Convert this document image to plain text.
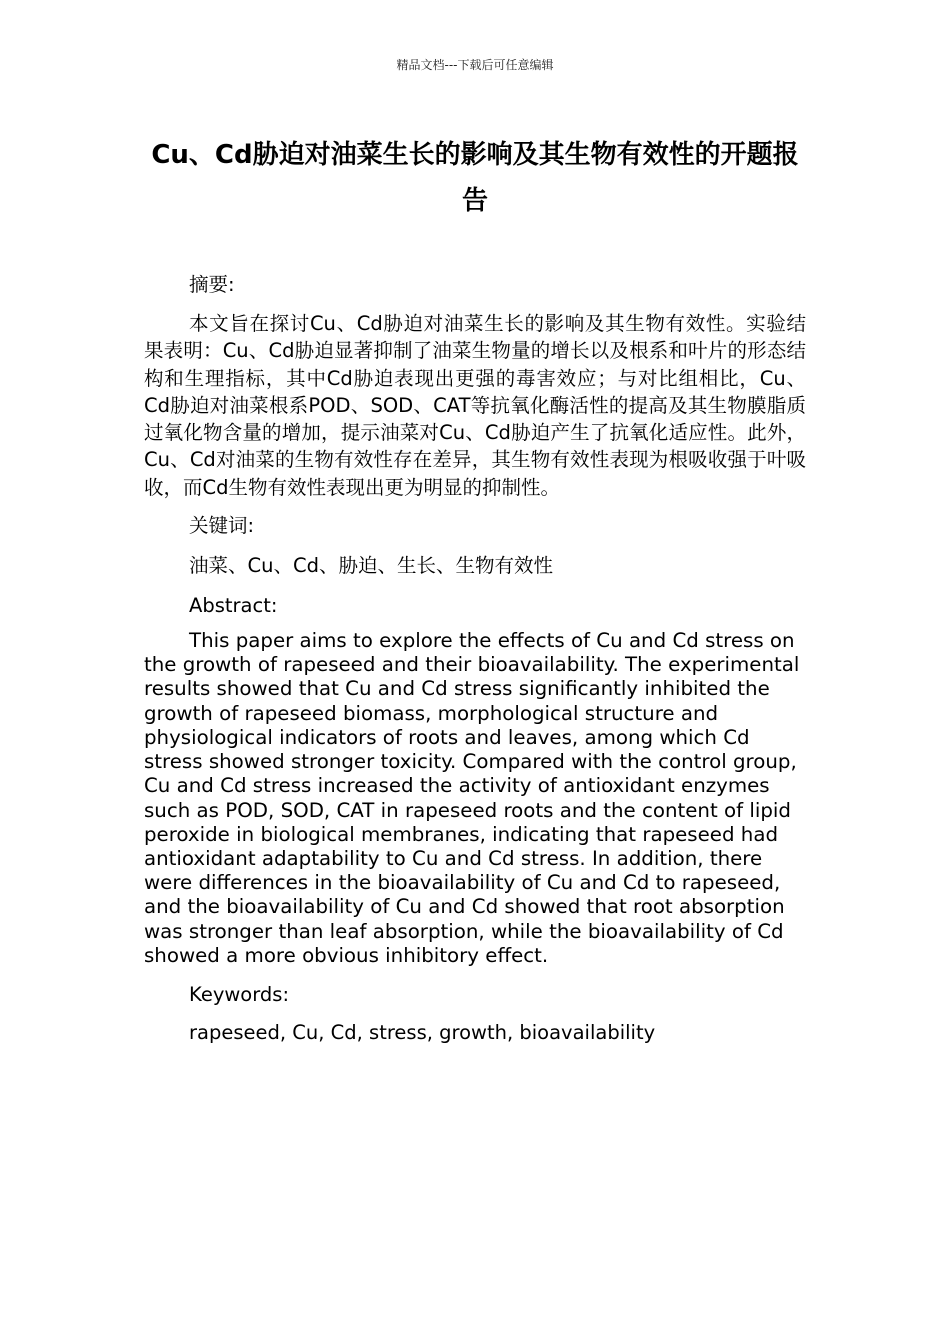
精品文档---下载后可任意编辑
Cu、Cd胁迫对油菜生长的影响及其生物有效性的开题报告

摘要:

本文旨在探讨Cu、Cd胁迫对油菜生长的影响及其生物有效性。实验结果表明：Cu、Cd胁迫显著抑制了油菜生物量的增长以及根系和叶片的形态结构和生理指标，其中Cd胁迫表现出更强的毒害效应；与对比组相比，Cu、Cd胁迫对油菜根系POD、SOD、CAT等抗氧化酶活性的提高及其生物膜脂质过氧化物含量的增加，提示油菜对Cu、Cd胁迫产生了抗氧化适应性。此外，Cu、Cd对油菜的生物有效性存在差异，其生物有效性表现为根吸收强于叶吸收，而Cd生物有效性表现出更为明显的抑制性。

关键词:

油菜、Cu、Cd、胁迫、生长、生物有效性

Abstract:

This paper aims to explore the effects of Cu and Cd stress on the growth of rapeseed and their bioavailability. The experimental results showed that Cu and Cd stress significantly inhibited the growth of rapeseed biomass, morphological structure and physiological indicators of roots and leaves, among which Cd stress showed stronger toxicity. Compared with the control group, Cu and Cd stress increased the activity of antioxidant enzymes such as POD, SOD, CAT in rapeseed roots and the content of lipid peroxide in biological membranes, indicating that rapeseed had antioxidant adaptability to Cu and Cd stress. In addition, there were differences in the bioavailability of Cu and Cd to rapeseed, and the bioavailability of Cu and Cd showed that root absorption was stronger than leaf absorption, while the bioavailability of Cd showed a more obvious inhibitory effect.

Keywords:

rapeseed, Cu, Cd, stress, growth, bioavailability
